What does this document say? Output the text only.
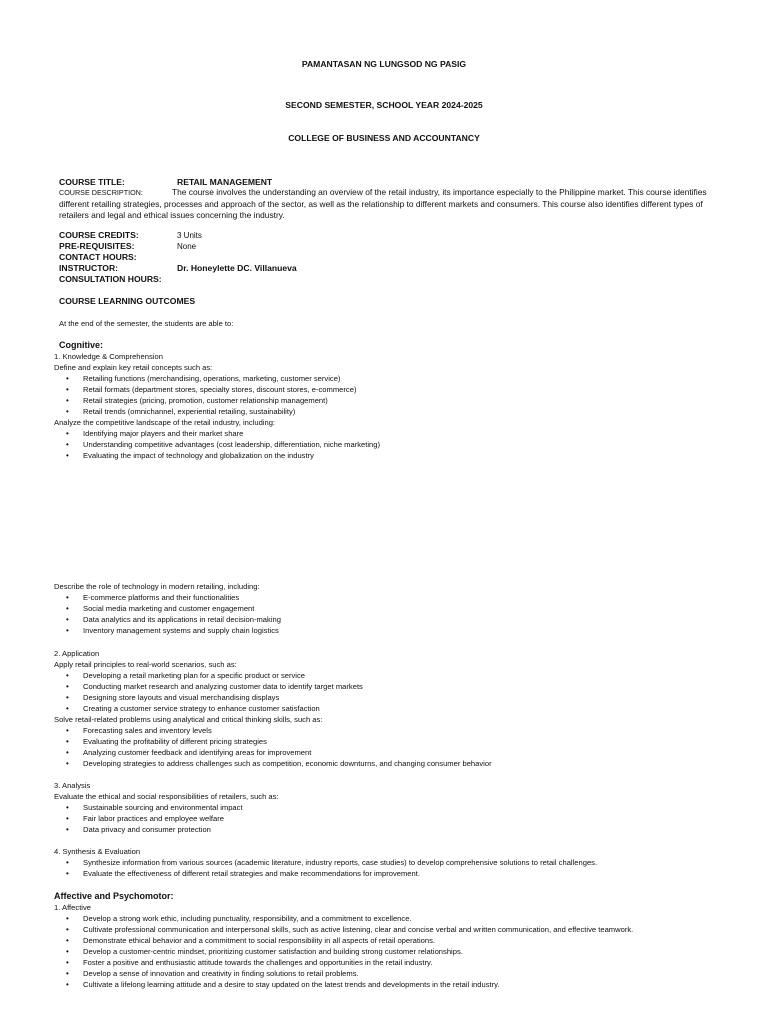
PAMANTASAN NG LUNGSOD NG PASIG
SECOND SEMESTER, SCHOOL YEAR 2024-2025
COLLEGE OF BUSINESS AND ACCOUNTANCY
COURSE TITLE:	RETAIL MANAGEMENT
COURSE DESCRIPTION:	The course involves the understanding an overview of the retail industry, its importance especially to the Philippine market. This course identifies different retailing strategies, processes and approach of the sector, as well as the relationship to different markets and consumers. This course also identifies different types of retailers and legal and ethical issues concerning the industry.
COURSE CREDITS:	3 Units
PRE-REQUISITES:	None
CONTACT HOURS:
INSTRUCTOR:	Dr. Honeylette DC. Villanueva
CONSULTATION HOURS:
COURSE LEARNING OUTCOMES
At the end of the semester, the students are able to:
Cognitive:
1. Knowledge & Comprehension
Define and explain key retail concepts such as:
• Retailing functions (merchandising, operations, marketing, customer service)
• Retail formats (department stores, specialty stores, discount stores, e-commerce)
• Retail strategies (pricing, promotion, customer relationship management)
• Retail trends (omnichannel, experiential retailing, sustainability)
Analyze the competitive landscape of the retail industry, including:
• Identifying major players and their market share
• Understanding competitive advantages (cost leadership, differentiation, niche marketing)
• Evaluating the impact of technology and globalization on the industry
Describe the role of technology in modern retailing, including:
• E-commerce platforms and their functionalities
• Social media marketing and customer engagement
• Data analytics and its applications in retail decision-making
• Inventory management systems and supply chain logistics
2. Application
Apply retail principles to real-world scenarios, such as:
• Developing a retail marketing plan for a specific product or service
• Conducting market research and analyzing customer data to identify target markets
• Designing store layouts and visual merchandising displays
• Creating a customer service strategy to enhance customer satisfaction
Solve retail-related problems using analytical and critical thinking skills, such as:
• Forecasting sales and inventory levels
• Evaluating the profitability of different pricing strategies
• Analyzing customer feedback and identifying areas for improvement
• Developing strategies to address challenges such as competition, economic downturns, and changing consumer behavior
3. Analysis
Evaluate the ethical and social responsibilities of retailers, such as:
• Sustainable sourcing and environmental impact
• Fair labor practices and employee welfare
• Data privacy and consumer protection
4. Synthesis & Evaluation
• Synthesize information from various sources (academic literature, industry reports, case studies) to develop comprehensive solutions to retail challenges.
• Evaluate the effectiveness of different retail strategies and make recommendations for improvement.
Affective and Psychomotor:
1. Affective
• Develop a strong work ethic, including punctuality, responsibility, and a commitment to excellence.
• Cultivate professional communication and interpersonal skills, such as active listening, clear and concise verbal and written communication, and effective teamwork.
• Demonstrate ethical behavior and a commitment to social responsibility in all aspects of retail operations.
• Develop a customer-centric mindset, prioritizing customer satisfaction and building strong customer relationships.
• Foster a positive and enthusiastic attitude towards the challenges and opportunities in the retail industry.
• Develop a sense of innovation and creativity in finding solutions to retail problems.
• Cultivate a lifelong learning attitude and a desire to stay updated on the latest trends and developments in the retail industry.
